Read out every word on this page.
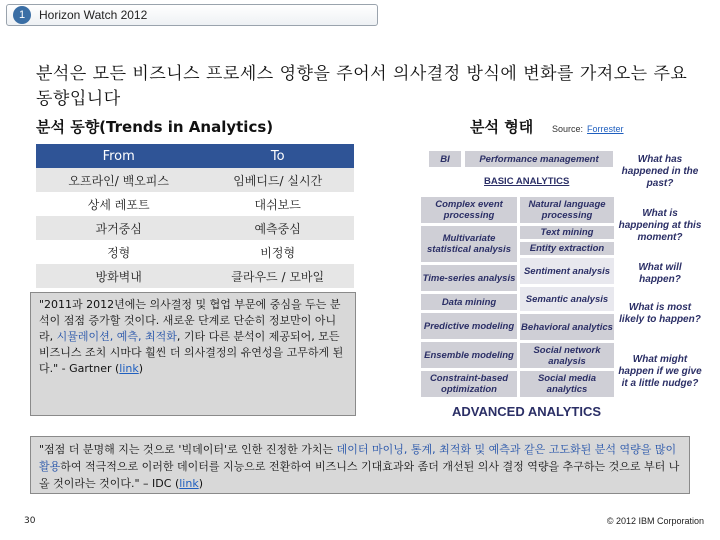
1	Horizon Watch 2012
분석은 모든 비즈니스 프로세스 영향을 주어서 의사결정 방식에 변화를 가져오는 주요 동향입니다
분석 동향(Trends in Analytics)	분석 형태 Source: Forrester
From	To
오프라인/ 백오피스	임베디드/ 실시간
상세 레포트	대쉬보드
과거중심	예측중심
정형	비정형
방화벽내	클라우드 / 모바일
"2011과 2012년에는 의사결정 및 협업 부문에 중심을 두는 분석이 점점 증가할 것이다. 새로운 단계로 단순히 정보만이 아니라, 시뮬레이션, 예측, 최적화, 기타 다른 분석이 제공되어, 모든 비즈니스 조치 시마다 훨씬 더 의사결정의 유연성을 고무하게 된다." - Gartner (link)
BI	Performance management
BASIC ANALYTICS
Complex event processing
Multivariate statistical analysis
Time-series analysis
Data mining
Predictive modeling
Ensemble modeling
Constraint-based optimization
Natural language processing
Text mining
Entity extraction
Sentiment analysis
Semantic analysis
Behavioral analytics
Social network analysis
Social media analytics
What has happened in the past?
What is happening at this moment?
What will happen?
What is most likely to happen?
What might happen if we give it a little nudge?
ADVANCED ANALYTICS
"점점 더 분명해 지는 것으로 '빅데이터'로 인한 진정한 가치는 데이터 마이닝, 통계, 최적화 및 예측과 같은 고도화된 분석 역량을 많이 활용하여 적극적으로 이러한 데이터를 지능으로 전환하여 비즈니스 기대효과와 좀더 개선된 의사 결정 역량을 추구하는 것으로 부터 나올 것이라는 것이다." – IDC (link)
30	© 2012 IBM Corporation
